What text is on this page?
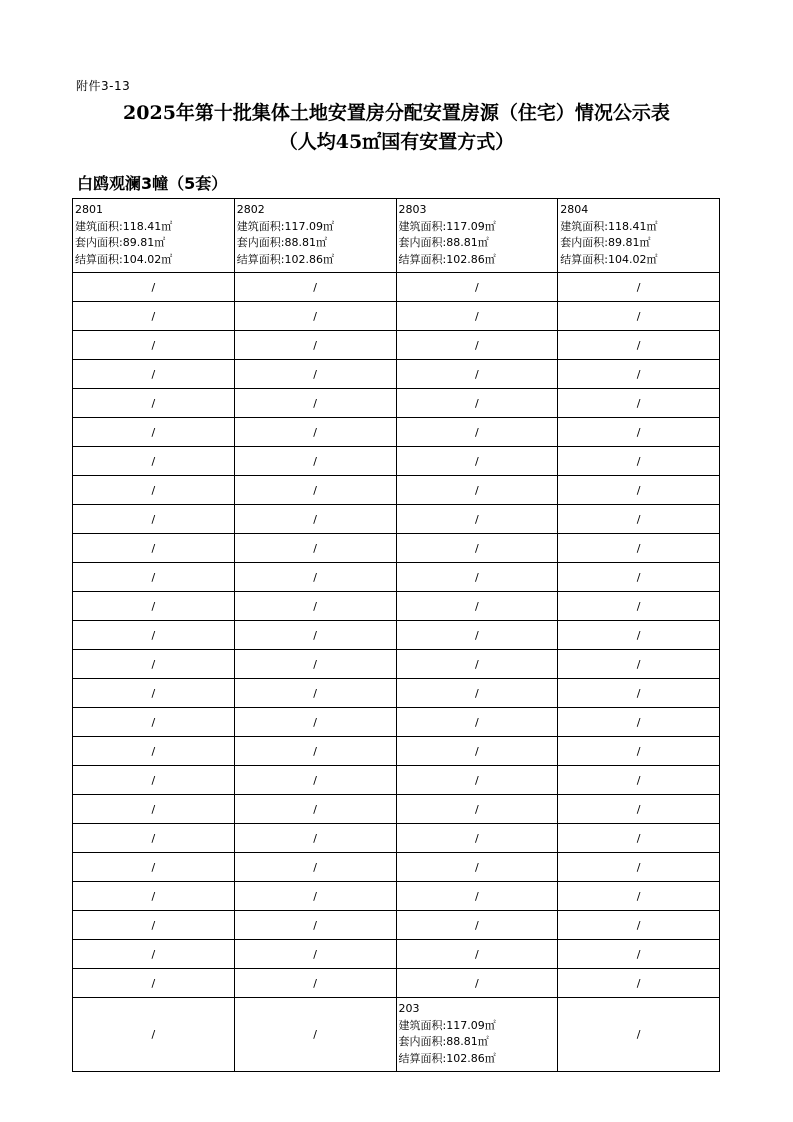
附件3-13
2025年第十批集体土地安置房分配安置房源（住宅）情况公示表
（人均45㎡国有安置方式）
白鸥观澜3幢（5套）
2801
建筑面积:118.41㎡
套内面积:89.81㎡
结算面积:104.02㎡	2802
建筑面积:117.09㎡
套内面积:88.81㎡
结算面积:102.86㎡	2803
建筑面积:117.09㎡
套内面积:88.81㎡
结算面积:102.86㎡	2804
建筑面积:118.41㎡
套内面积:89.81㎡
结算面积:104.02㎡

/	/	/	/
/	/	/	/
/	/	/	/
/	/	/	/
/	/	/	/
/	/	/	/
/	/	/	/
/	/	/	/
/	/	/	/
/	/	/	/
/	/	/	/
/	/	/	/
/	/	/	/
/	/	/	/
/	/	/	/
/	/	/	/
/	/	/	/
/	/	/	/
/	/	/	/
/	/	/	/
/	/	/	/
/	/	/	/
/	/	/	/
/	/	/	/
/	/	/	/
/	/	203
建筑面积:117.09㎡
套内面积:88.81㎡
结算面积:102.86㎡	/
